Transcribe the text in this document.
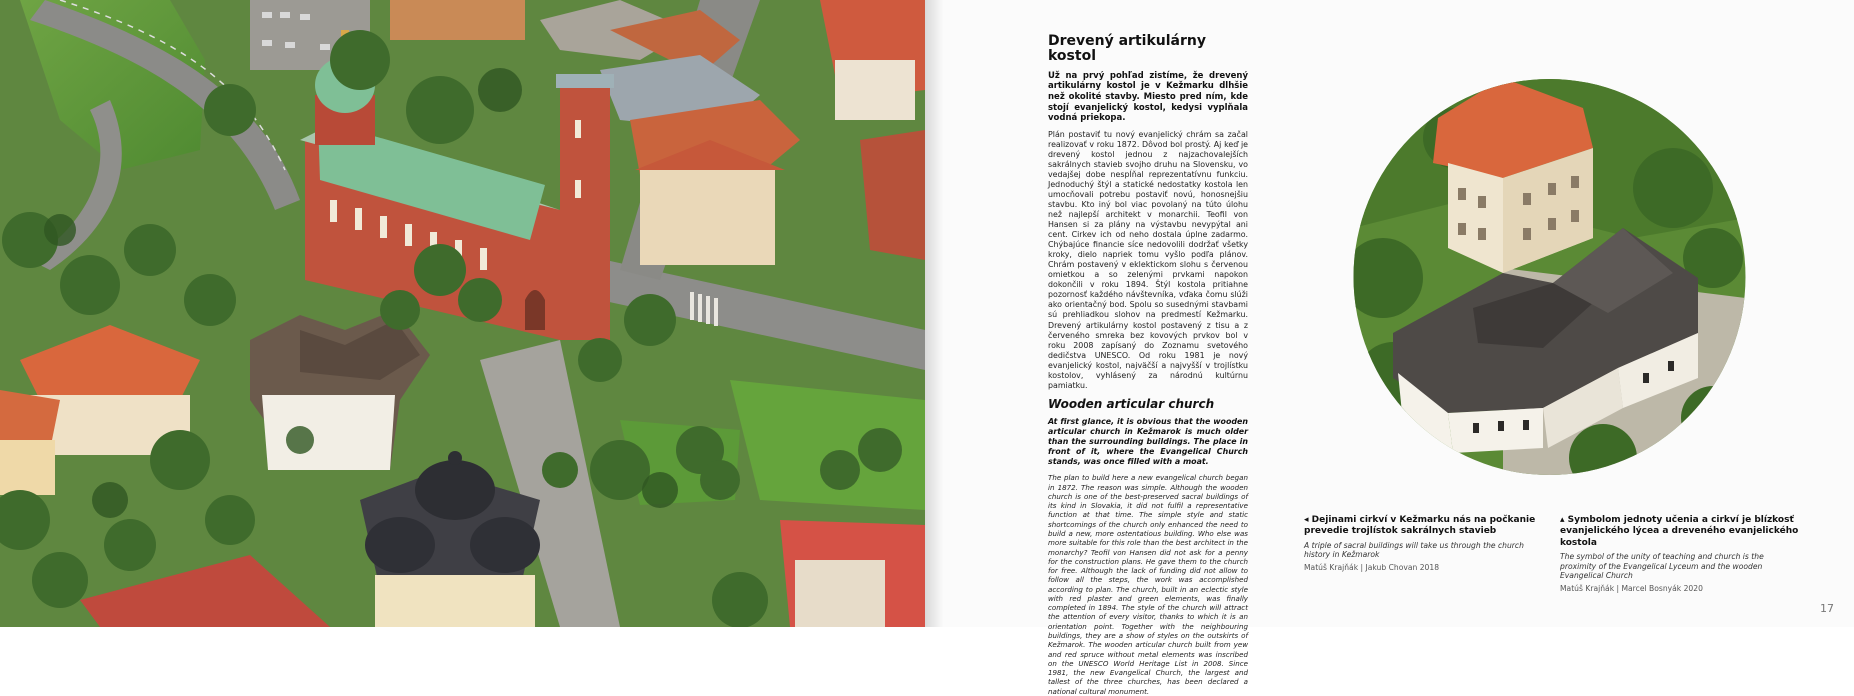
Drevený artikulárny kostol

Už na prvý pohľad zistíme, že drevený artikulárny kostol je v Kežmarku dlhšie než okolité stavby. Miesto pred ním, kde stojí evanjelický kostol, kedysi vyplňala vodná priekopa.

Plán postaviť tu nový evanjelický chrám sa začal realizovať v roku 1872. Dôvod bol prostý. Aj keď je drevený kostol jednou z najzachovalejších sakrálnych stavieb svojho druhu na Slovensku, vo vedajšej dobe nespĺňal reprezentatívnu funkciu. Jednoduchý štýl a statické nedostatky kostola len umocňovali potrebu postaviť novú, honosnejšiu stavbu. Kto iný bol viac povolaný na túto úlohu než najlepší architekt v monarchii. Teofil von Hansen si za plány na výstavbu nevypýtal ani cent. Cirkev ich od neho dostala úplne zadarmo. Chýbajúce financie síce nedovolili dodržať všetky kroky, dielo napriek tomu vyšlo podľa plánov. Chrám postavený v eklektickom slohu s červenou omietkou a so zelenými prvkami napokon dokončili v roku 1894. Štýl kostola pritiahne pozornosť každého návštevníka, vďaka čomu slúži ako orientačný bod. Spolu so susednými stavbami sú prehliadkou slohov na predmestí Kežmarku. Drevený artikulárny kostol postavený z tisu a z červeného smreka bez kovových prvkov bol v roku 2008 zapísaný do Zoznamu svetového dedičstva UNESCO. Od roku 1981 je nový evanjelický kostol, najväčší a najvyšší v trojlístku kostolov, vyhlásený za národnú kultúrnu pamiatku.

Wooden articular church

At first glance, it is obvious that the wooden articular church in Kežmarok is much older than the surrounding buildings. The place in front of it, where the Evangelical Church stands, was once filled with a moat.

The plan to build here a new evangelical church began in 1872. The reason was simple. Although the wooden church is one of the best-preserved sacral buildings of its kind in Slovakia, it did not fulfil a representative function at that time. The simple style and static shortcomings of the church only enhanced the need to build a new, more ostentatious building. Who else was more suitable for this role than the best architect in the monarchy? Teofil von Hansen did not ask for a penny for the construction plans. He gave them to the church for free. Although the lack of funding did not allow to follow all the steps, the work was accomplished according to plan. The church, built in an eclectic style with red plaster and green elements, was finally completed in 1894. The style of the church will attract the attention of every visitor, thanks to which it is an orientation point. Together with the neighbouring buildings, they are a show of styles on the outskirts of Kežmarok. The wooden articular church built from yew and red spruce without metal elements was inscribed on the UNESCO World Heritage List in 2008. Since 1981, the new Evangelical Church, the largest and tallest of the three churches, has been declared a national cultural monument.

◂ Dejinami cirkví v Kežmarku nás na počkanie prevedie trojlístok sakrálnych stavieb
A triple of sacral buildings will take us through the church history in Kežmarok
Matúš Krajňák | Jakub Chovan 2018
▴ Symbolom jednoty učenia a cirkví je blízkosť evanjelického lýcea a dreveného evanjelického kostola
The symbol of the unity of teaching and church is the proximity of the Evangelical Lyceum and the wooden Evangelical Church
Matúš Krajňák | Marcel Bosnyák 2020
17
